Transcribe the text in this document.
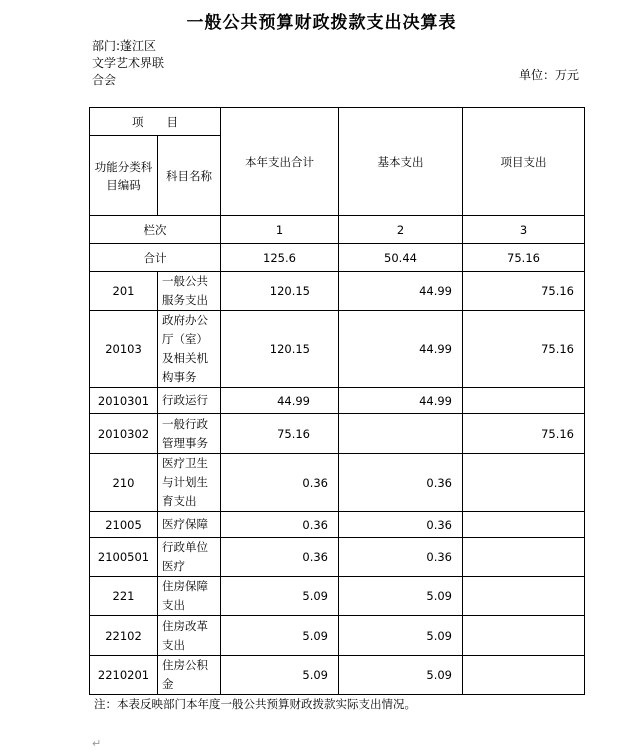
一般公共预算财政拨款支出决算表
部门:蓬江区文学艺术界联合会	单位：万元
项　　目		本年支出合计	基本支出	项目支出
功能分类科目编码	科目名称			
栏次		1	2	3
合计		125.6	50.44	75.16
201	一般公共服务支出	120.15	44.99	75.16
20103	政府办公厅（室）及相关机构事务	120.15	44.99	75.16
2010301	行政运行	44.99	44.99	
2010302	一般行政管理事务	75.16		75.16
210	医疗卫生与计划生育支出	0.36	0.36	
21005	医疗保障	0.36	0.36	
2100501	行政单位医疗	0.36	0.36	
221	住房保障支出	5.09	5.09	
22102	住房改革支出	5.09	5.09	
2210201	住房公积金	5.09	5.09	
注：本表反映部门本年度一般公共预算财政拨款实际支出情况。
↵
